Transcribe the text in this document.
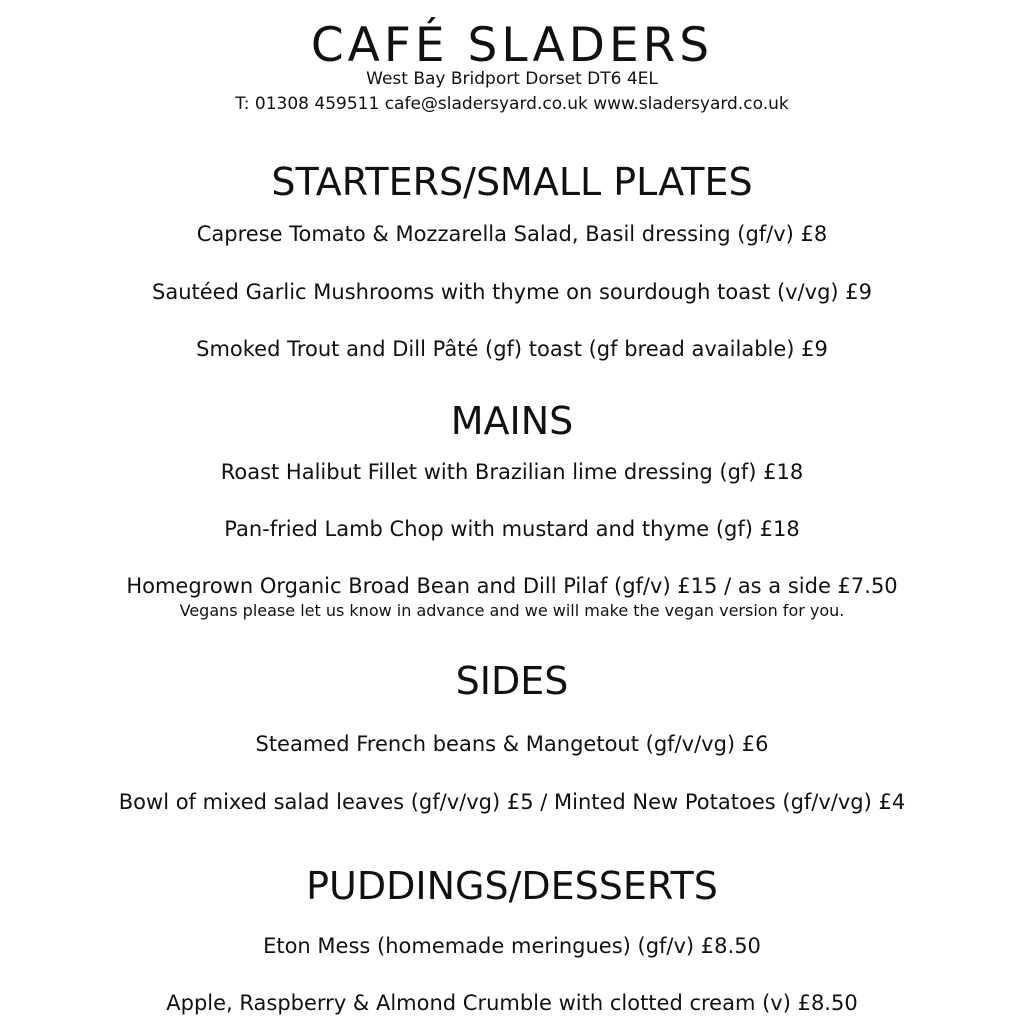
CAFÉ SLADERS
West Bay Bridport Dorset DT6 4EL
T: 01308 459511 cafe@sladersyard.co.uk www.sladersyard.co.uk
STARTERS/SMALL PLATES
Caprese Tomato & Mozzarella Salad, Basil dressing (gf/v) £8
Sautéed Garlic Mushrooms with thyme on sourdough toast (v/vg) £9
Smoked Trout and Dill Pâté (gf) toast (gf bread available) £9
MAINS
Roast Halibut Fillet with Brazilian lime dressing (gf) £18
Pan-fried Lamb Chop with mustard and thyme (gf) £18
Homegrown Organic Broad Bean and Dill Pilaf (gf/v) £15 / as a side £7.50
Vegans please let us know in advance and we will make the vegan version for you.
SIDES
Steamed French beans & Mangetout (gf/v/vg) £6
Bowl of mixed salad leaves (gf/v/vg) £5 / Minted New Potatoes (gf/v/vg) £4
PUDDINGS/DESSERTS
Eton Mess (homemade meringues) (gf/v) £8.50
Apple, Raspberry & Almond Crumble with clotted cream (v) £8.50
